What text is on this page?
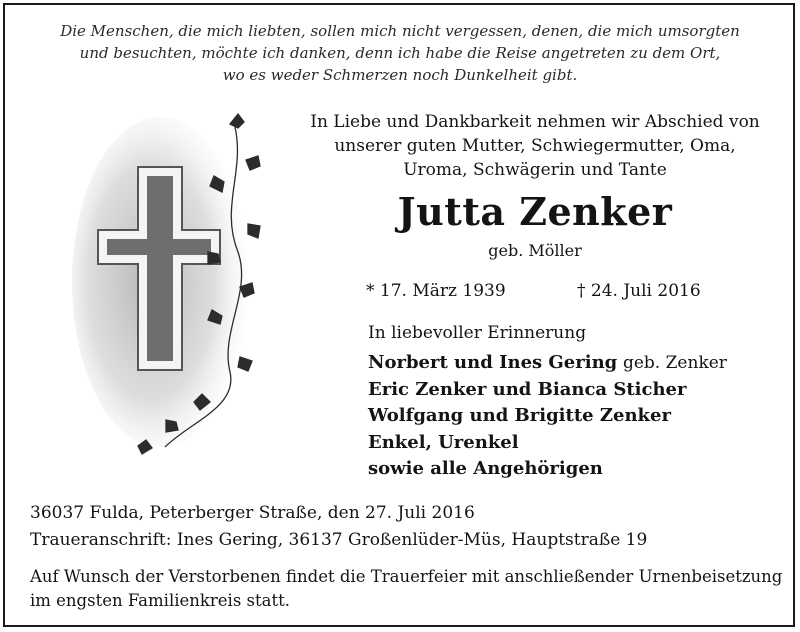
Die Menschen, die mich liebten, sollen mich nicht vergessen, denen, die mich umsorgten
und besuchten, möchte ich danken, denn ich habe die Reise angetreten zu dem Ort,
wo es weder Schmerzen noch Dunkelheit gibt.
In Liebe und Dankbarkeit nehmen wir Abschied von
unserer guten Mutter, Schwiegermutter, Oma,
Uroma, Schwägerin und Tante
Jutta Zenker
geb. Möller
* 17. März 1939	† 24. Juli 2016
In liebevoller Erinnerung
Norbert und Ines Gering geb. Zenker
Eric Zenker und Bianca Sticher
Wolfgang und Brigitte Zenker
Enkel, Urenkel
sowie alle Angehörigen
36037 Fulda, Peterberger Straße, den 27. Juli 2016
Traueranschrift: Ines Gering, 36137 Großenlüder-Müs, Hauptstraße 19
Auf Wunsch der Verstorbenen findet die Trauerfeier mit anschließender Urnenbeisetzung
im engsten Familienkreis statt.
